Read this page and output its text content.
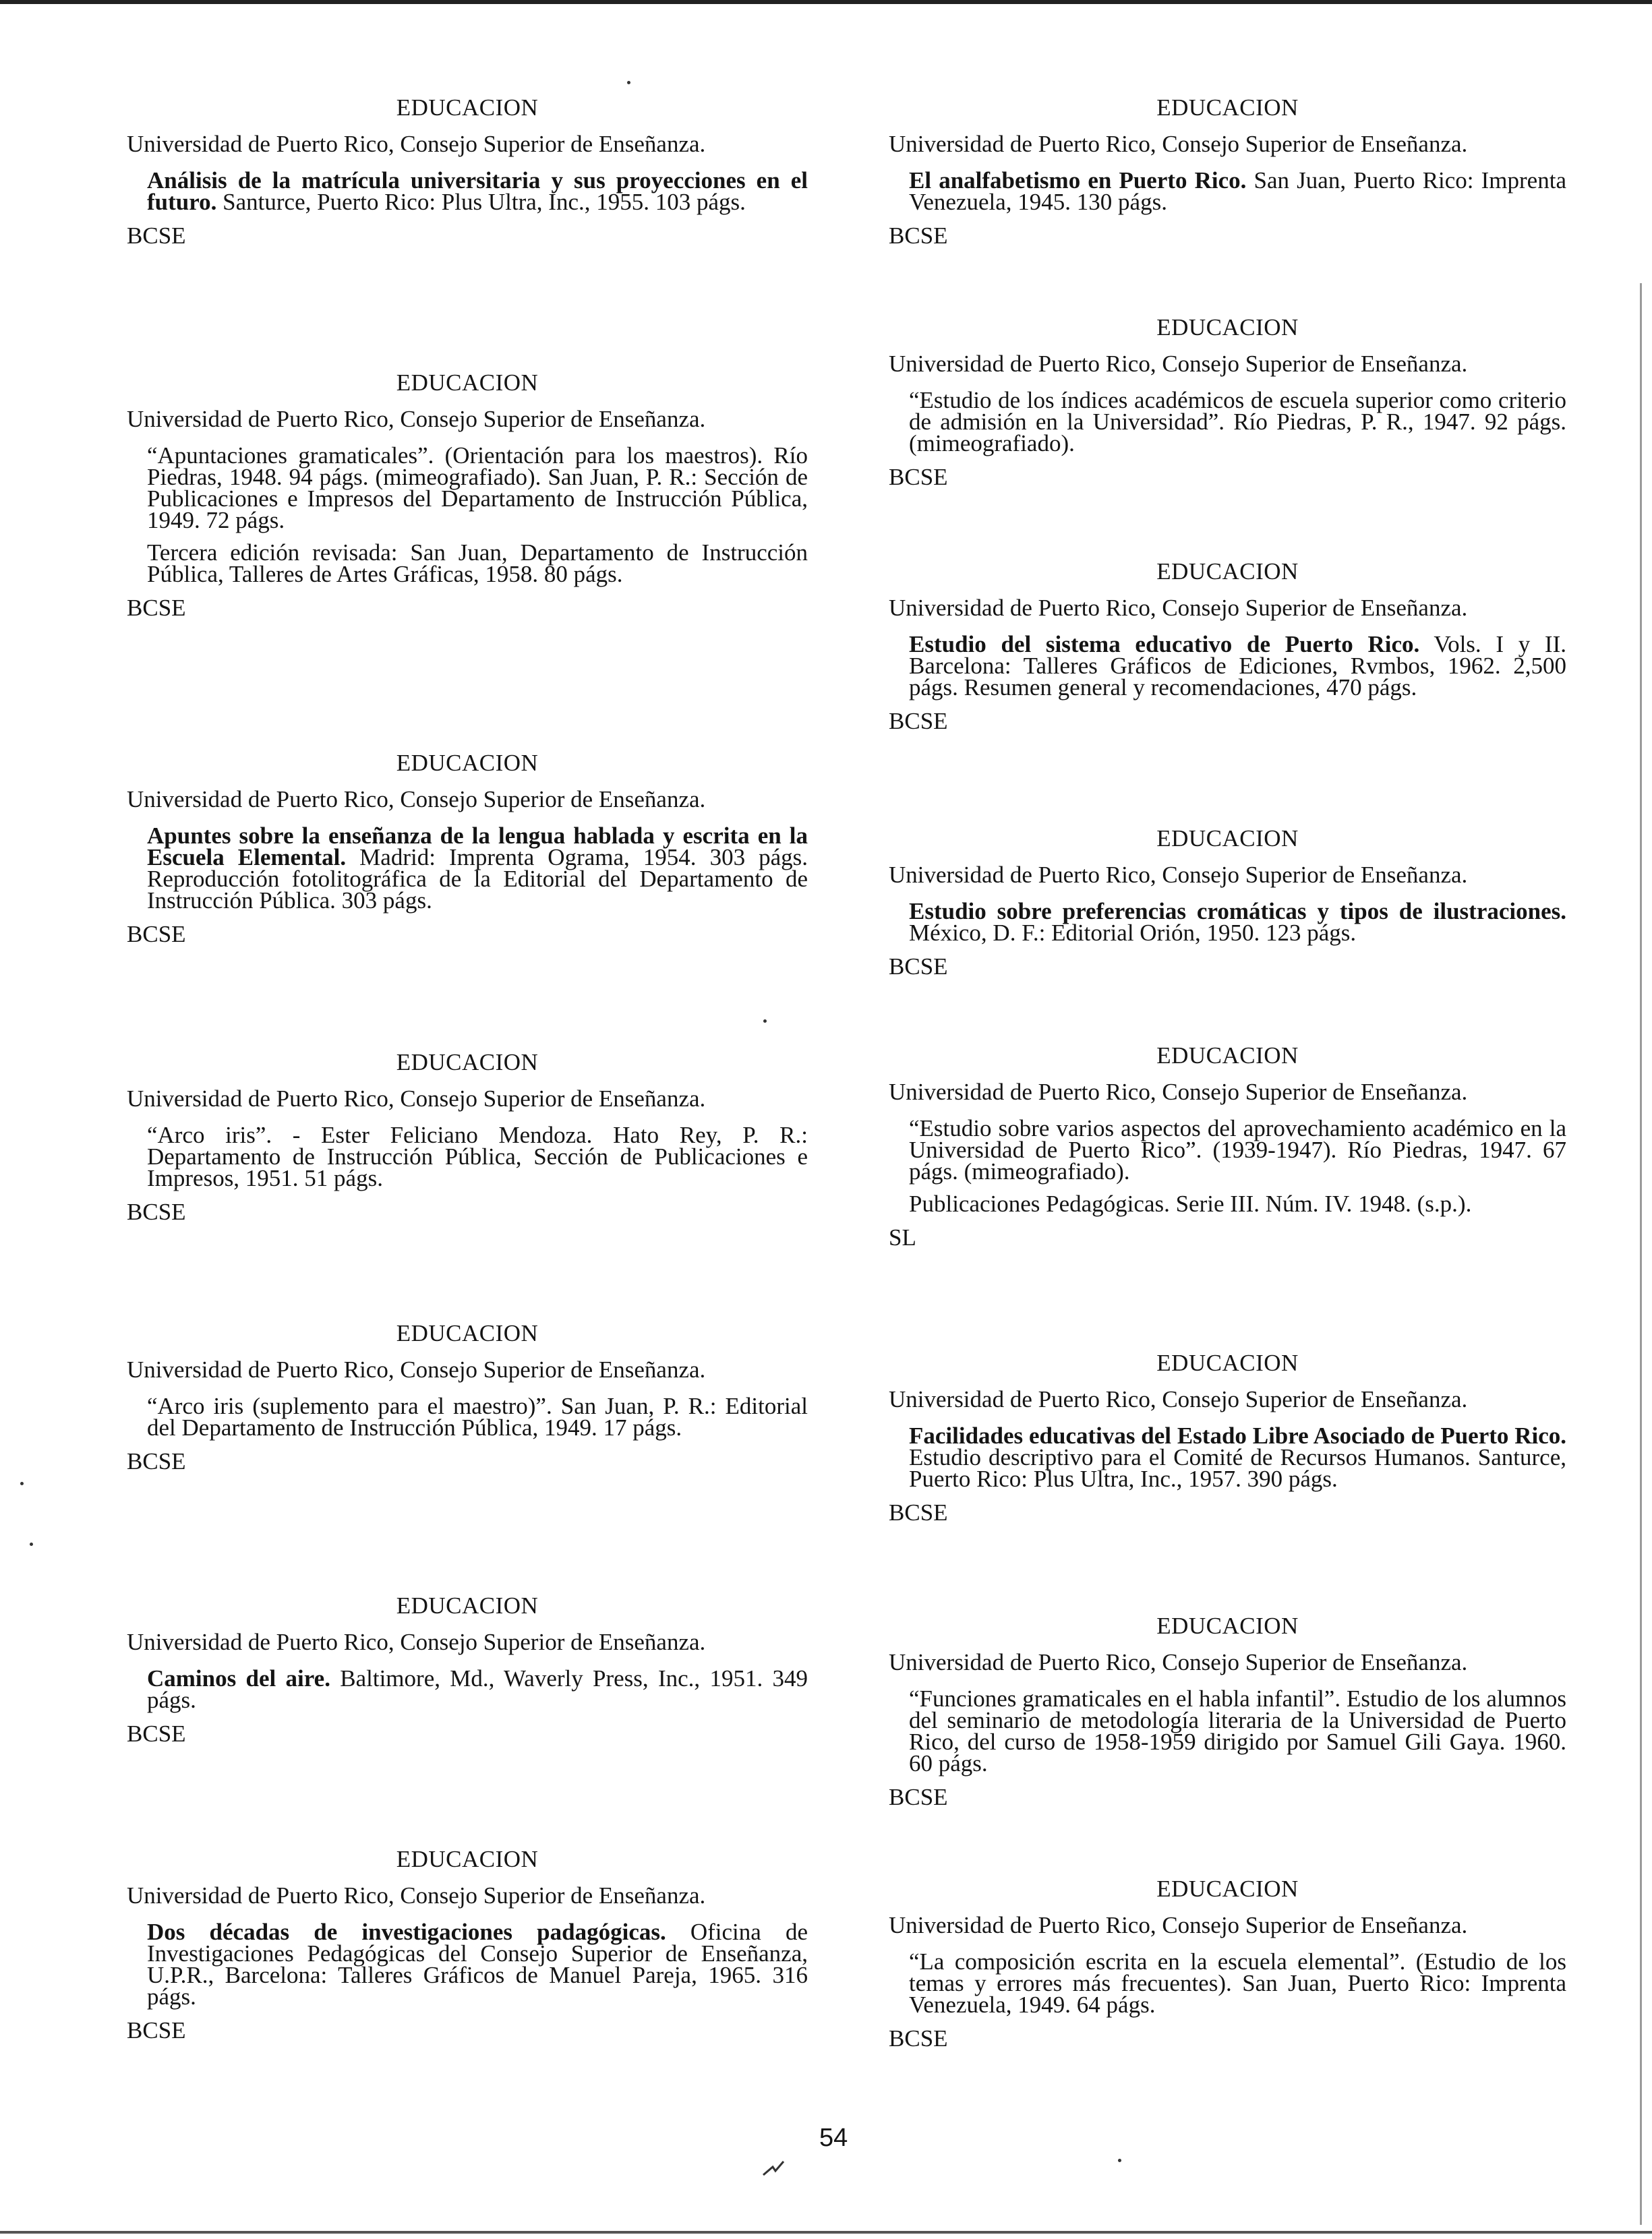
EDUCACION

Universidad de Puerto Rico, Consejo Superior de Enseñanza.

Análisis de la matrícula universitaria y sus proyecciones en el futuro. Santurce, Puerto Rico: Plus Ultra, Inc., 1955. 103 págs.

BCSE
EDUCACION

Universidad de Puerto Rico, Consejo Superior de Enseñanza.

“Apuntaciones gramaticales”. (Orientación para los maestros). Río Piedras, 1948. 94 págs. (mimeografiado). San Juan, P. R.: Sección de Publicaciones e Impresos del Departamento de Instrucción Pública, 1949. 72 págs.

Tercera edición revisada: San Juan, Departamento de Instrucción Pública, Talleres de Artes Gráficas, 1958. 80 págs.

BCSE
EDUCACION

Universidad de Puerto Rico, Consejo Superior de Enseñanza.

Apuntes sobre la enseñanza de la lengua hablada y escrita en la Escuela Elemental. Madrid: Imprenta Ograma, 1954. 303 págs. Reproducción fotolitográfica de la Editorial del Departamento de Instrucción Pública. 303 págs.

BCSE
EDUCACION

Universidad de Puerto Rico, Consejo Superior de Enseñanza.

“Arco iris”. - Ester Feliciano Mendoza. Hato Rey, P. R.: Departamento de Instrucción Pública, Sección de Publicaciones e Impresos, 1951. 51 págs.

BCSE
EDUCACION

Universidad de Puerto Rico, Consejo Superior de Enseñanza.

“Arco iris (suplemento para el maestro)”. San Juan, P. R.: Editorial del Departamento de Instrucción Pública, 1949. 17 págs.

BCSE
EDUCACION

Universidad de Puerto Rico, Consejo Superior de Enseñanza.

Caminos del aire. Baltimore, Md., Waverly Press, Inc., 1951. 349 págs.

BCSE
EDUCACION

Universidad de Puerto Rico, Consejo Superior de Enseñanza.

Dos décadas de investigaciones padagógicas. Oficina de Investigaciones Pedagógicas del Consejo Superior de Enseñanza, U.P.R., Barcelona: Talleres Gráficos de Manuel Pareja, 1965. 316 págs.

BCSE
EDUCACION

Universidad de Puerto Rico, Consejo Superior de Enseñanza.

El analfabetismo en Puerto Rico. San Juan, Puerto Rico: Imprenta Venezuela, 1945. 130 págs.

BCSE
EDUCACION

Universidad de Puerto Rico, Consejo Superior de Enseñanza.

“Estudio de los índices académicos de escuela superior como criterio de admisión en la Universidad”. Río Piedras, P. R., 1947. 92 págs. (mimeografiado).

BCSE
EDUCACION

Universidad de Puerto Rico, Consejo Superior de Enseñanza.

Estudio del sistema educativo de Puerto Rico. Vols. I y II. Barcelona: Talleres Gráficos de Ediciones, Rvmbos, 1962. 2,500 págs. Resumen general y recomendaciones, 470 págs.

BCSE
EDUCACION

Universidad de Puerto Rico, Consejo Superior de Enseñanza.

Estudio sobre preferencias cromáticas y tipos de ilustraciones. México, D. F.: Editorial Orión, 1950. 123 págs.

BCSE
EDUCACION

Universidad de Puerto Rico, Consejo Superior de Enseñanza.

“Estudio sobre varios aspectos del aprovechamiento académico en la Universidad de Puerto Rico”. (1939-1947). Río Piedras, 1947. 67 págs. (mimeografiado).

Publicaciones Pedagógicas. Serie III. Núm. IV. 1948. (s.p.).

SL
EDUCACION

Universidad de Puerto Rico, Consejo Superior de Enseñanza.

Facilidades educativas del Estado Libre Asociado de Puerto Rico. Estudio descriptivo para el Comité de Recursos Humanos. Santurce, Puerto Rico: Plus Ultra, Inc., 1957. 390 págs.

BCSE
EDUCACION

Universidad de Puerto Rico, Consejo Superior de Enseñanza.

“Funciones gramaticales en el habla infantil”. Estudio de los alumnos del seminario de metodología literaria de la Universidad de Puerto Rico, del curso de 1958-1959 dirigido por Samuel Gili Gaya. 1960. 60 págs.

BCSE
EDUCACION

Universidad de Puerto Rico, Consejo Superior de Enseñanza.

“La composición escrita en la escuela elemental”. (Estudio de los temas y errores más frecuentes). San Juan, Puerto Rico: Imprenta Venezuela, 1949. 64 págs.

BCSE
54
